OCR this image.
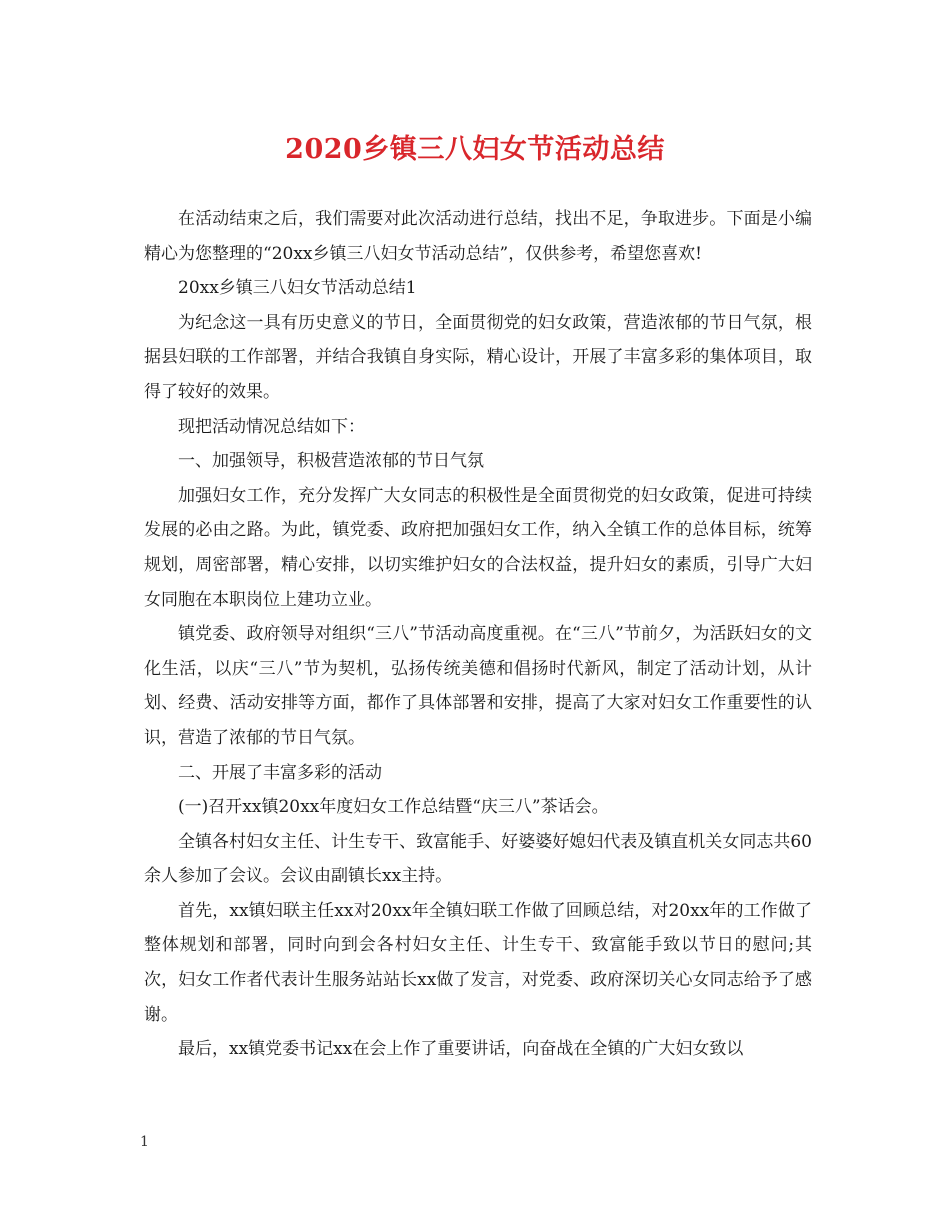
2020乡镇三八妇女节活动总结

在活动结束之后，我们需要对此次活动进行总结，找出不足，争取进步。下面是小编精心为您整理的“20xx乡镇三八妇女节活动总结”，仅供参考，希望您喜欢!

20xx乡镇三八妇女节活动总结1

为纪念这一具有历史意义的节日，全面贯彻党的妇女政策，营造浓郁的节日气氛，根据县妇联的工作部署，并结合我镇自身实际，精心设计，开展了丰富多彩的集体项目，取得了较好的效果。

现把活动情况总结如下：

一、加强领导，积极营造浓郁的节日气氛

加强妇女工作，充分发挥广大女同志的积极性是全面贯彻党的妇女政策，促进可持续发展的必由之路。为此，镇党委、政府把加强妇女工作，纳入全镇工作的总体目标，统筹规划，周密部署，精心安排，以切实维护妇女的合法权益，提升妇女的素质，引导广大妇女同胞在本职岗位上建功立业。

镇党委、政府领导对组织“三八”节活动高度重视。在“三八”节前夕，为活跃妇女的文化生活，以庆“三八”节为契机，弘扬传统美德和倡扬时代新风，制定了活动计划，从计划、经费、活动安排等方面，都作了具体部署和安排，提高了大家对妇女工作重要性的认识，营造了浓郁的节日气氛。

二、开展了丰富多彩的活动

(一)召开xx镇20xx年度妇女工作总结暨“庆三八”茶话会。

全镇各村妇女主任、计生专干、致富能手、好婆婆好媳妇代表及镇直机关女同志共60 余人参加了会议。会议由副镇长xx主持。

首先，xx镇妇联主任xx对20xx年全镇妇联工作做了回顾总结，对20xx年的工作做了整体规划和部署，同时向到会各村妇女主任、计生专干、致富能手致以节日的慰问;其次，妇女工作者代表计生服务站站长xx做了发言，对党委、政府深切关心女同志给予了感谢。

最后，xx镇党委书记xx在会上作了重要讲话，向奋战在全镇的广大妇女致以

1
